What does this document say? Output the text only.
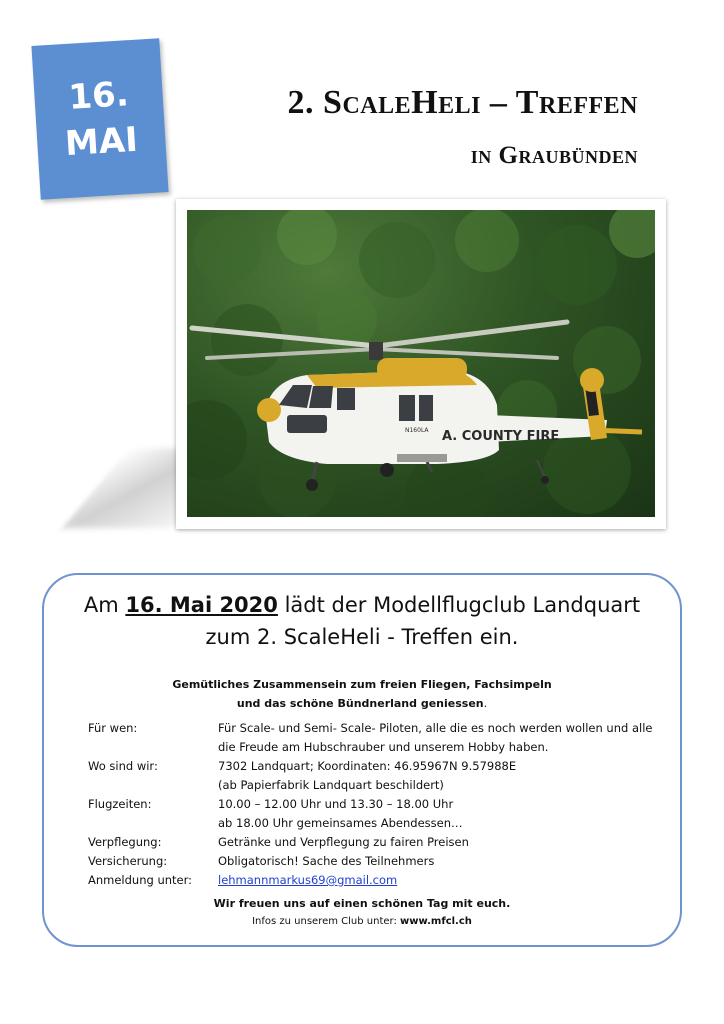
16.
MAI
2. ScaleHeli – Treffen
in Graubünden
A. COUNTY FIRE
N160LA
Am 16. Mai 2020 lädt der Modellflugclub Landquart
zum 2. ScaleHeli - Treffen ein.
Gemütliches Zusammensein zum freien Fliegen, Fachsimpeln
und das schöne Bündnerland geniessen.
Für wen:	Für Scale- und Semi- Scale- Piloten, alle die es noch werden wollen und alle
die Freude am Hubschrauber und unserem Hobby haben.
Wo sind wir:	7302 Landquart; Koordinaten: 46.95967N 9.57988E
(ab Papierfabrik Landquart beschildert)
Flugzeiten:	10.00 – 12.00 Uhr und 13.30 – 18.00 Uhr
ab 18.00 Uhr gemeinsames Abendessen…
Verpflegung:	Getränke und Verpflegung zu fairen Preisen
Versicherung:	Obligatorisch! Sache des Teilnehmers
Anmeldung unter:	lehmannmarkus69@gmail.com
Wir freuen uns auf einen schönen Tag mit euch.
Infos zu unserem Club unter: www.mfcl.ch
